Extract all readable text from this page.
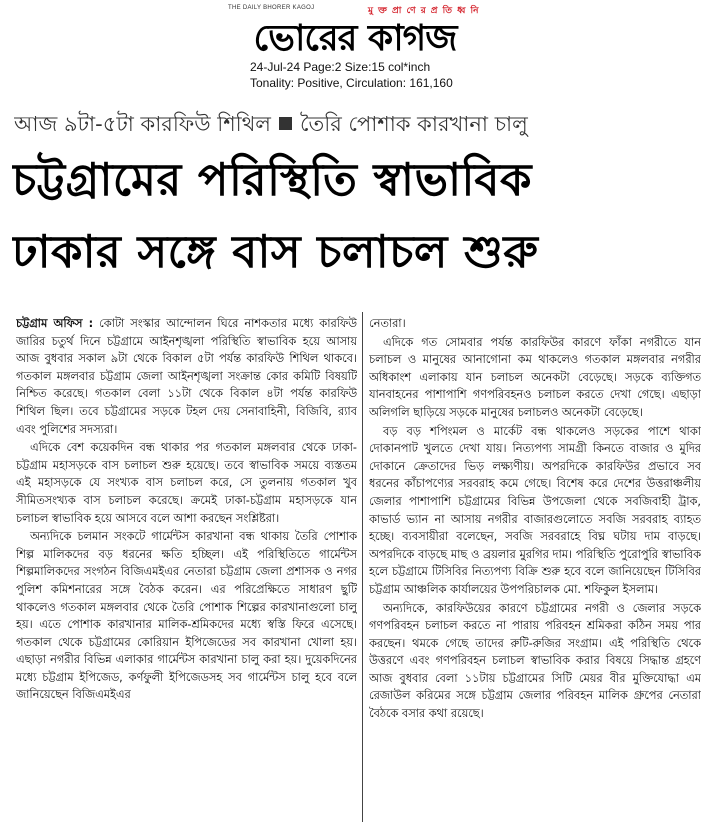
THE DAILY BHORER KAGOJ	মু ক্ত প্রা ণে র প্র তি ধ্ব নি
ভোরের কাগজ
24-Jul-24 Page:2 Size:15 col*inch
Tonality: Positive, Circulation: 161,160
আজ ৯টা-৫টা কারফিউ শিথিল তৈরি পোশাক কারখানা চালু
চট্টগ্রামের পরিস্থিতি স্বাভাবিক
ঢাকার সঙ্গে বাস চলাচল শুরু

চট্টগ্রাম অফিস : কোটা সংস্কার আন্দোলন ঘিরে নাশকতার মধ্যে কারফিউ জারির চতুর্থ দিনে চট্টগ্রামে আইনশৃঙ্খলা পরিস্থিতি স্বাভাবিক হয়ে আসায় আজ বুধবার সকাল ৯টা থেকে বিকাল ৫টা পর্যন্ত কারফিউ শিথিল থাকবে। গতকাল মঙ্গলবার চট্টগ্রাম জেলা আইনশৃঙ্খলা সংক্রান্ত কোর কমিটি বিষয়টি নিশ্চিত করেছে। গতকাল বেলা ১১টা থেকে বিকাল ৪টা পর্যন্ত কারফিউ শিথিল ছিল। তবে চট্টগ্রামের সড়কে টহল দেয় সেনাবাহিনী, বিজিবি, র‍্যাব এবং পুলিশের সদস্যরা।

এদিকে বেশ কয়েকদিন বন্ধ থাকার পর গতকাল মঙ্গলবার থেকে ঢাকা-চট্টগ্রাম মহাসড়কে বাস চলাচল শুরু হয়েছে। তবে স্বাভাবিক সময়ে ব্যস্ততম এই মহাসড়কে যে সংখ্যক বাস চলাচল করে, সে তুলনায় গতকাল খুব সীমিতসংখ্যক বাস চলাচল করেছে। ক্রমেই ঢাকা-চট্টগ্রাম মহাসড়কে যান চলাচল স্বাভাবিক হয়ে আসবে বলে আশা করছেন সংশ্লিষ্টরা।

অন্যদিকে চলমান সংকটে গার্মেন্টস কারখানা বন্ধ থাকায় তৈরি পোশাক শিল্প মালিকদের বড় ধরনের ক্ষতি হচ্ছিল। এই পরিস্থিতিতে গার্মেন্টস শিল্পমালিকদের সংগঠন বিজিএমইএর নেতারা চট্টগ্রাম জেলা প্রশাসক ও নগর পুলিশ কমিশনারের সঙ্গে বৈঠক করেন। এর পরিপ্রেক্ষিতে সাধারণ ছুটি থাকলেও গতকাল মঙ্গলবার থেকে তৈরি পোশাক শিল্পের কারখানাগুলো চালু হয়। এতে পোশাক কারখানার মালিক-শ্রমিকদের মধ্যে স্বস্তি ফিরে এসেছে। গতকাল থেকে চট্টগ্রামের কোরিয়ান ইপিজেডের সব কারখানা খোলা হয়। এছাড়া নগরীর বিভিন্ন এলাকার গার্মেন্টস কারখানা চালু করা হয়। দুয়েকদিনের মধ্যে চট্টগ্রাম ইপিজেড, কর্ণফুলী ইপিজেডসহ সব গার্মেন্টস চালু হবে বলে জানিয়েছেন বিজিএমইএর

নেতারা।

এদিকে গত সোমবার পর্যন্ত কারফিউর কারণে ফাঁকা নগরীতে যান চলাচল ও মানুষের আনাগোনা কম থাকলেও গতকাল মঙ্গলবার নগরীর অধিকাংশ এলাকায় যান চলাচল অনেকটা বেড়েছে। সড়কে ব্যক্তিগত যানবাহনের পাশাপাশি গণপরিবহনও চলাচল করতে দেখা গেছে। এছাড়া অলিগলি ছাড়িয়ে সড়কে মানুষের চলাচলও অনেকটা বেড়েছে।

বড় বড় শপিংমল ও মার্কেট বন্ধ থাকলেও সড়কের পাশে থাকা দোকানপাট খুলতে দেখা যায়। নিত্যপণ্য সামগ্রী কিনতে বাজার ও মুদির দোকানে ক্রেতাদের ভিড় লক্ষ্যণীয়। অপরদিকে কারফিউর প্রভাবে সব ধরনের কাঁচাপণ্যের সরবরাহ কমে গেছে। বিশেষ করে দেশের উত্তরাঞ্চলীয় জেলার পাশাপাশি চট্টগ্রামের বিভিন্ন উপজেলা থেকে সবজিবাহী ট্রাক, কাভার্ড ভ্যান না আসায় নগরীর বাজারগুলোতে সবজি সরবরাহ ব্যাহত হচ্ছে। ব্যবসায়ীরা বলেছেন, সবজি সরবরাহে বিঘ্ন ঘটায় দাম বাড়ছে। অপরদিকে বাড়ছে মাছ ও ব্রয়লার মুরগির দাম। পরিস্থিতি পুরোপুরি স্বাভাবিক হলে চট্টগ্রামে টিসিবির নিত্যপণ্য বিক্রি শুরু হবে বলে জানিয়েছেন টিসিবির চট্টগ্রাম আঞ্চলিক কার্যালয়ের উপপরিচালক মো. শফিকুল ইসলাম।

অন্যদিকে, কারফিউয়ের কারণে চট্টগ্রামের নগরী ও জেলার সড়কে গণপরিবহন চলাচল করতে না পারায় পরিবহন শ্রমিকরা কঠিন সময় পার করছেন। থমকে গেছে তাদের রুটি-রুজির সংগ্রাম। এই পরিস্থিতি থেকে উত্তরণে এবং গণপরিবহন চলাচল স্বাভাবিক করার বিষয়ে সিদ্ধান্ত গ্রহণে আজ বুধবার বেলা ১১টায় চট্টগ্রামের সিটি মেয়র বীর মুক্তিযোদ্ধা এম রেজাউল করিমের সঙ্গে চট্টগ্রাম জেলার পরিবহন মালিক গ্রুপের নেতারা বৈঠকে বসার কথা রয়েছে।
